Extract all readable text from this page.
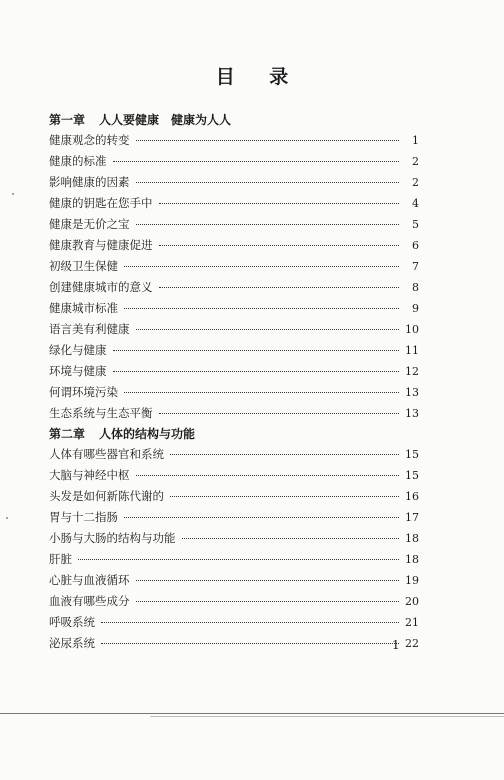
目 录
第一章 人人要健康　健康为人人
健康观念的转变	1
健康的标准	2
影响健康的因素	2
健康的钥匙在您手中	4
健康是无价之宝	5
健康教育与健康促进	6
初级卫生保健	7
创建健康城市的意义	8
健康城市标准	9
语言美有利健康	10
绿化与健康	11
环境与健康	12
何谓环境污染	13
生态系统与生态平衡	13
第二章 人体的结构与功能
人体有哪些器官和系统	15
大脑与神经中枢	15
头发是如何新陈代谢的	16
胃与十二指肠	17
小肠与大肠的结构与功能	18
肝脏	18
心脏与血液循环	19
血液有哪些成分	20
呼吸系统	21
泌尿系统	22
1
